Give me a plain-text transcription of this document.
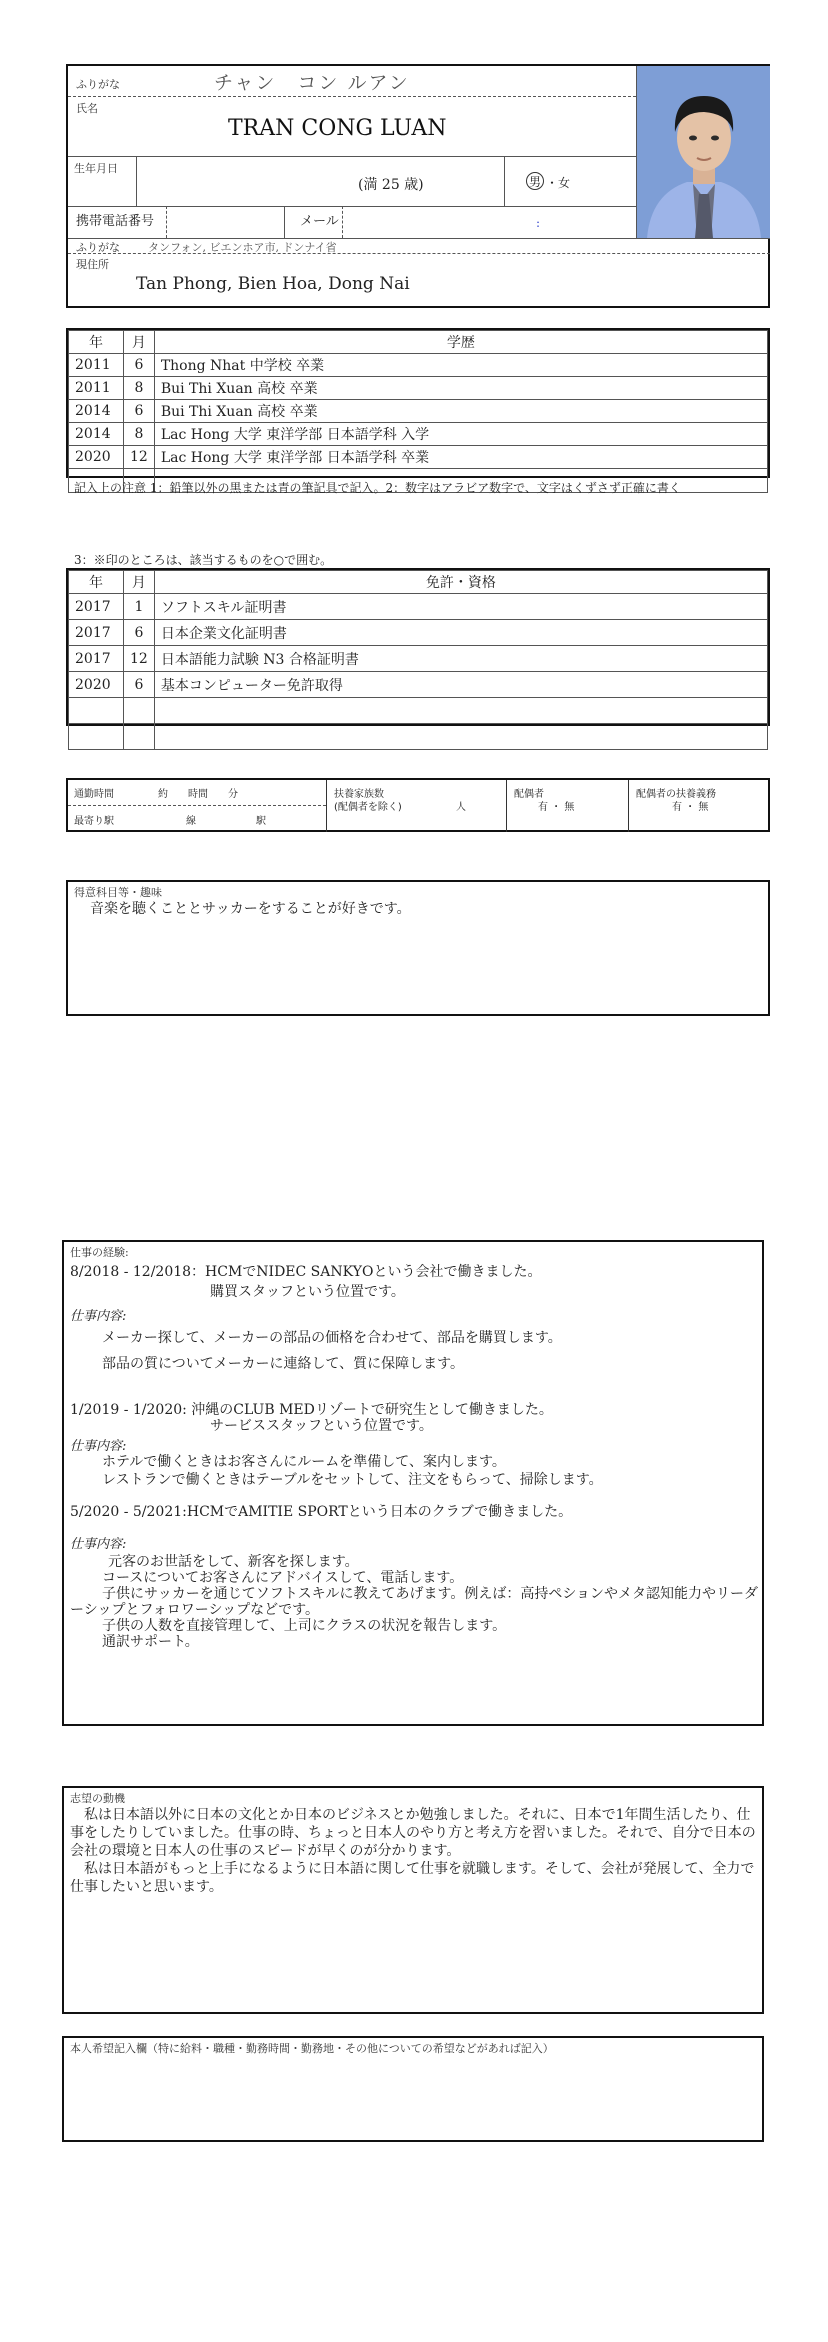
ふりがな	チャン　コン ルアン
氏名
TRAN CONG LUAN
生年月日
(満 25 歳)	男 ・女
携帯電話番号	メール	:
ふりがな	タンフォン, ビエンホア市, ドンナイ省
現住所
Tan Phong, Bien Hoa, Dong Nai
年	月	学歴
2011	6	Thong Nhat 中学校 卒業
2011	8	Bui Thi Xuan 高校 卒業
2014	6	Bui Thi Xuan 高校 卒業
2014	8	Lac Hong 大学 東洋学部 日本語学科 入学
2020	12	Lac Hong 大学 東洋学部 日本語学科 卒業

記入上の注意 1：鉛筆以外の黒または青の筆記具で記入。2：数字はアラビア数字で、文字はくずさず正確に書く
3：※印のところは、該当するものを○で囲む。
年	月	免許・資格
2017	1	ソフトスキル証明書
2017	6	日本企業文化証明書
2017	12	日本語能力試験 N3 合格証明書
2020	6	基本コンピューター免許取得

通勤時間	約　　時間　　分
最寄り駅	線　　　　　　駅
扶養家族数
(配偶者を除く)	人
配偶者
有 ・ 無
配偶者の扶養義務
有 ・ 無
得意科目等・趣味
音楽を聴くこととサッカーをすることが好きです。
仕事の経験:
8/2018 - 12/2018：HCMでNIDEC SANKYOという会社で働きました。
購買スタッフという位置です。
仕事内容:
メーカー探して、メーカーの部品の価格を合わせて、部品を購買します。
部品の質についてメーカーに連絡して、質に保障します。
1/2019 - 1/2020: 沖縄のCLUB MEDリゾートで研究生として働きました。
サービススタッフという位置です。
仕事内容:
ホテルで働くときはお客さんにルームを準備して、案内します。
レストランで働くときはテーブルをセットして、注文をもらって、掃除します。
5/2020 - 5/2021:HCMでAMITIE SPORTという日本のクラブで働きました。
仕事内容:
元客のお世話をして、新客を探します。
コースについてお客さんにアドバイスして、電話します。
子供にサッカーを通じてソフトスキルに教えてあげます。例えば：高持ペションやメタ認知能力やリーダーシップとフォロワーシップなどです。
子供の人数を直接管理して、上司にクラスの状況を報告します。
通訳サポート。
志望の動機
私は日本語以外に日本の文化とか日本のビジネスとか勉強しました。それに、日本で1年間生活したり、仕事をしたりしていました。仕事の時、ちょっと日本人のやり方と考え方を習いました。それで、自分で日本の会社の環境と日本人の仕事のスピードが早くのが分かります。
私は日本語がもっと上手になるように日本語に関して仕事を就職します。そして、会社が発展して、全力で仕事したいと思います。
本人希望記入欄（特に給料・職種・勤務時間・勤務地・その他についての希望などがあれば記入）
